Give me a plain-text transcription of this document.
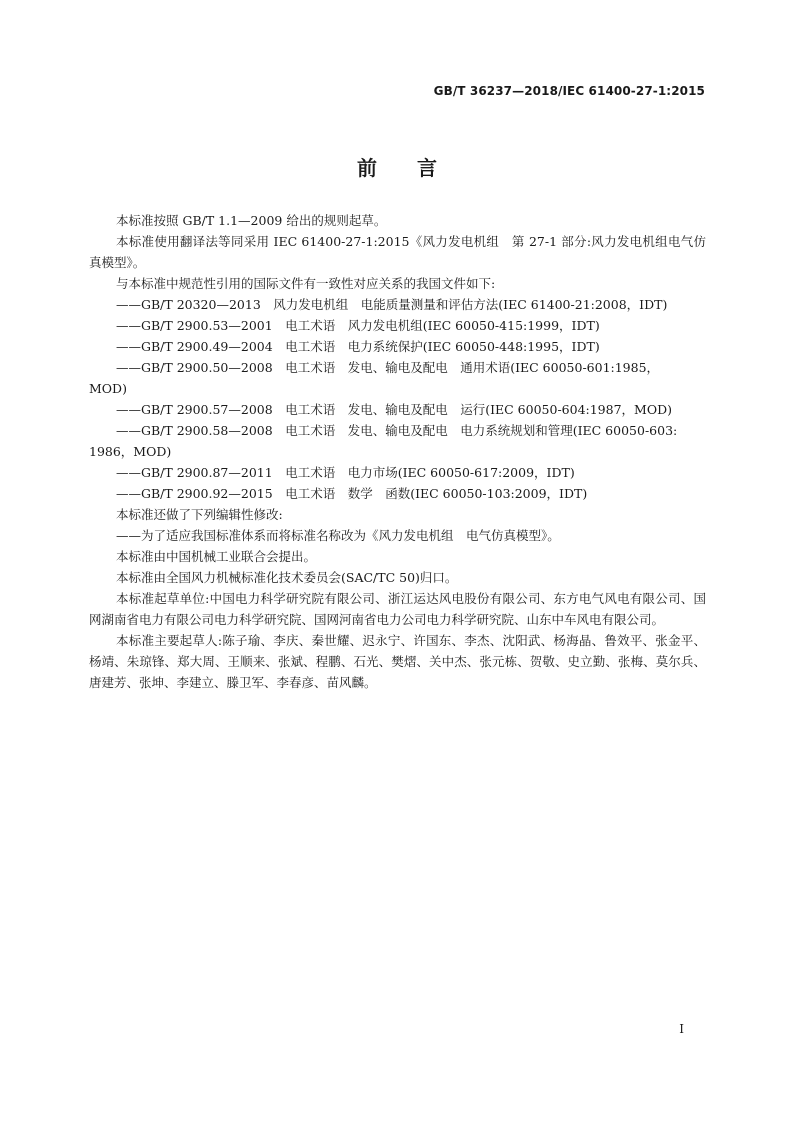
GB/T 36237—2018/IEC 61400-27-1:2015
前言

本标准按照 GB/T 1.1—2009 给出的规则起草。

本标准使用翻译法等同采用 IEC 61400-27-1:2015《风力发电机组　第 27-1 部分:风力发电机组电气仿真模型》。

与本标准中规范性引用的国际文件有一致性对应关系的我国文件如下:

——GB/T 20320—2013　风力发电机组　电能质量测量和评估方法(IEC 61400-21:2008，IDT)

——GB/T 2900.53—2001　电工术语　风力发电机组(IEC 60050-415:1999，IDT)

——GB/T 2900.49—2004　电工术语　电力系统保护(IEC 60050-448:1995，IDT)

——GB/T 2900.50—2008　电工术语　发电、输电及配电　通用术语(IEC 60050-601:1985，
MOD)

——GB/T 2900.57—2008　电工术语　发电、输电及配电　运行(IEC 60050-604:1987，MOD)

——GB/T 2900.58—2008　电工术语　发电、输电及配电　电力系统规划和管理(IEC 60050-603:
1986，MOD)

——GB/T 2900.87—2011　电工术语　电力市场(IEC 60050-617:2009，IDT)

——GB/T 2900.92—2015　电工术语　数学　函数(IEC 60050-103:2009，IDT)

本标准还做了下列编辑性修改:

——为了适应我国标准体系而将标准名称改为《风力发电机组　电气仿真模型》。

本标准由中国机械工业联合会提出。

本标准由全国风力机械标准化技术委员会(SAC/TC 50)归口。

本标准起草单位:中国电力科学研究院有限公司、浙江运达风电股份有限公司、东方电气风电有限公司、国网湖南省电力有限公司电力科学研究院、国网河南省电力公司电力科学研究院、山东中车风电有限公司。

本标准主要起草人:陈子瑜、李庆、秦世耀、迟永宁、许国东、李杰、沈阳武、杨海晶、鲁效平、张金平、杨靖、朱琼锋、郑大周、王顺来、张斌、程鹏、石光、樊熠、关中杰、张元栋、贺敬、史立勤、张梅、莫尔兵、唐建芳、张坤、李建立、滕卫军、李春彦、苗风麟。

I
